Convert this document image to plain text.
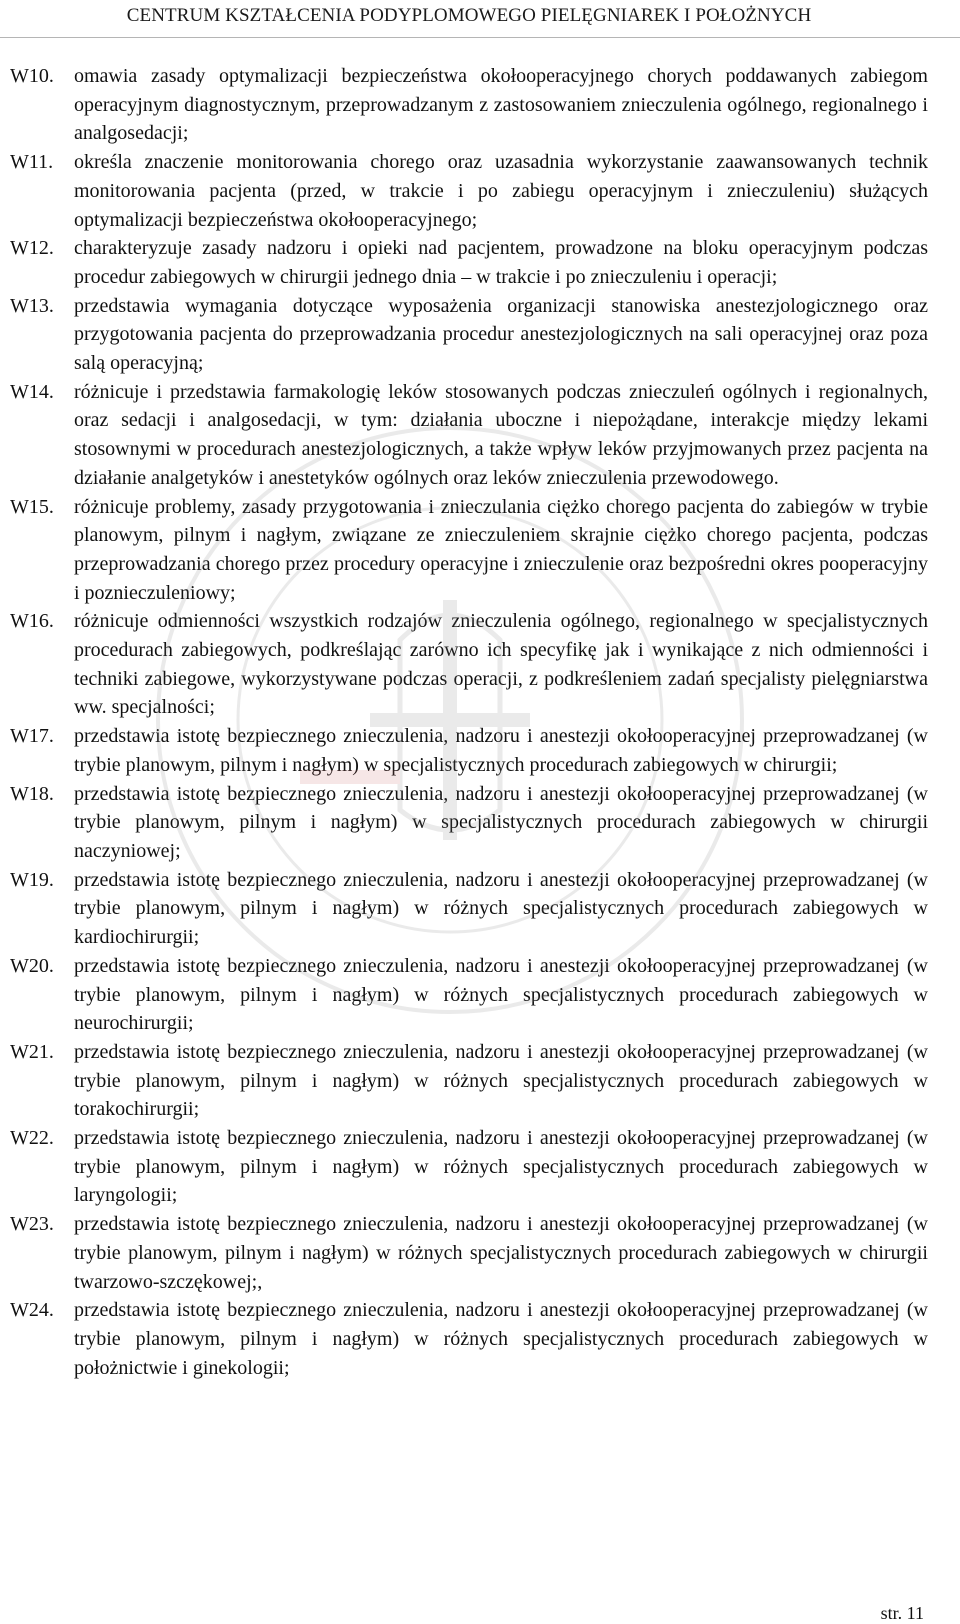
CENTRUM KSZTAŁCENIA PODYPLOMOWEGO PIELĘGNIAREK I POŁOŻNYCH
W10.	omawia zasady optymalizacji bezpieczeństwa okołooperacyjnego chorych poddawanych zabiegom operacyjnym diagnostycznym, przeprowadzanym z zastosowaniem znieczulenia ogólnego, regionalnego i analgosedacji;
W11.	określa znaczenie monitorowania chorego oraz uzasadnia wykorzystanie zaawansowanych technik monitorowania pacjenta (przed, w trakcie i po zabiegu operacyjnym i znieczuleniu) służących optymalizacji bezpieczeństwa okołooperacyjnego;
W12.	charakteryzuje zasady nadzoru i opieki nad pacjentem, prowadzone na bloku operacyjnym podczas procedur zabiegowych w chirurgii jednego dnia – w trakcie i po znieczuleniu i operacji;
W13.	przedstawia wymagania dotyczące wyposażenia organizacji stanowiska anestezjologicznego oraz przygotowania pacjenta do przeprowadzania procedur anestezjologicznych na sali operacyjnej oraz poza salą operacyjną;
W14.	różnicuje i przedstawia farmakologię leków stosowanych podczas znieczuleń ogólnych i regionalnych, oraz sedacji i analgosedacji, w tym: działania uboczne i niepożądane, interakcje między lekami stosownymi w procedurach anestezjologicznych, a także wpływ leków przyjmowanych przez pacjenta na działanie analgetyków i anestetyków ogólnych oraz leków znieczulenia przewodowego.
W15.	różnicuje problemy, zasady przygotowania i znieczulania ciężko chorego pacjenta do zabiegów w trybie planowym, pilnym i nagłym, związane ze znieczuleniem skrajnie ciężko chorego pacjenta, podczas przeprowadzania chorego przez procedury operacyjne i znieczulenie oraz bezpośredni okres pooperacyjny i poznieczuleniowy;
W16.	różnicuje odmienności wszystkich rodzajów znieczulenia ogólnego, regionalnego w specjalistycznych procedurach zabiegowych, podkreślając zarówno ich specyfikę jak i wynikające z nich odmienności i techniki zabiegowe, wykorzystywane podczas operacji, z podkreśleniem zadań specjalisty pielęgniarstwa ww. specjalności;
W17.	przedstawia istotę bezpiecznego znieczulenia, nadzoru i anestezji okołooperacyjnej przeprowadzanej (w trybie planowym, pilnym i nagłym) w specjalistycznych procedurach zabiegowych w chirurgii;
W18.	przedstawia istotę bezpiecznego znieczulenia, nadzoru i anestezji okołooperacyjnej przeprowadzanej (w trybie planowym, pilnym i nagłym) w specjalistycznych procedurach zabiegowych w chirurgii naczyniowej;
W19.	przedstawia istotę bezpiecznego znieczulenia, nadzoru i anestezji okołooperacyjnej przeprowadzanej (w trybie planowym, pilnym i nagłym) w różnych specjalistycznych procedurach zabiegowych w kardiochirurgii;
W20.	przedstawia istotę bezpiecznego znieczulenia, nadzoru i anestezji okołooperacyjnej przeprowadzanej (w trybie planowym, pilnym i nagłym) w różnych specjalistycznych procedurach zabiegowych w neurochirurgii;
W21.	przedstawia istotę bezpiecznego znieczulenia, nadzoru i anestezji okołooperacyjnej przeprowadzanej (w trybie planowym, pilnym i nagłym) w różnych specjalistycznych procedurach zabiegowych w torakochirurgii;
W22.	przedstawia istotę bezpiecznego znieczulenia, nadzoru i anestezji okołooperacyjnej przeprowadzanej (w trybie planowym, pilnym i nagłym) w różnych specjalistycznych procedurach zabiegowych w laryngologii;
W23.	przedstawia istotę bezpiecznego znieczulenia, nadzoru i anestezji okołooperacyjnej przeprowadzanej (w trybie planowym, pilnym i nagłym) w różnych specjalistycznych procedurach zabiegowych w chirurgii twarzowo-szczękowej;,
W24.	przedstawia istotę bezpiecznego znieczulenia, nadzoru i anestezji okołooperacyjnej przeprowadzanej (w trybie planowym, pilnym i nagłym) w różnych specjalistycznych procedurach zabiegowych w położnictwie i ginekologii;
str. 11
